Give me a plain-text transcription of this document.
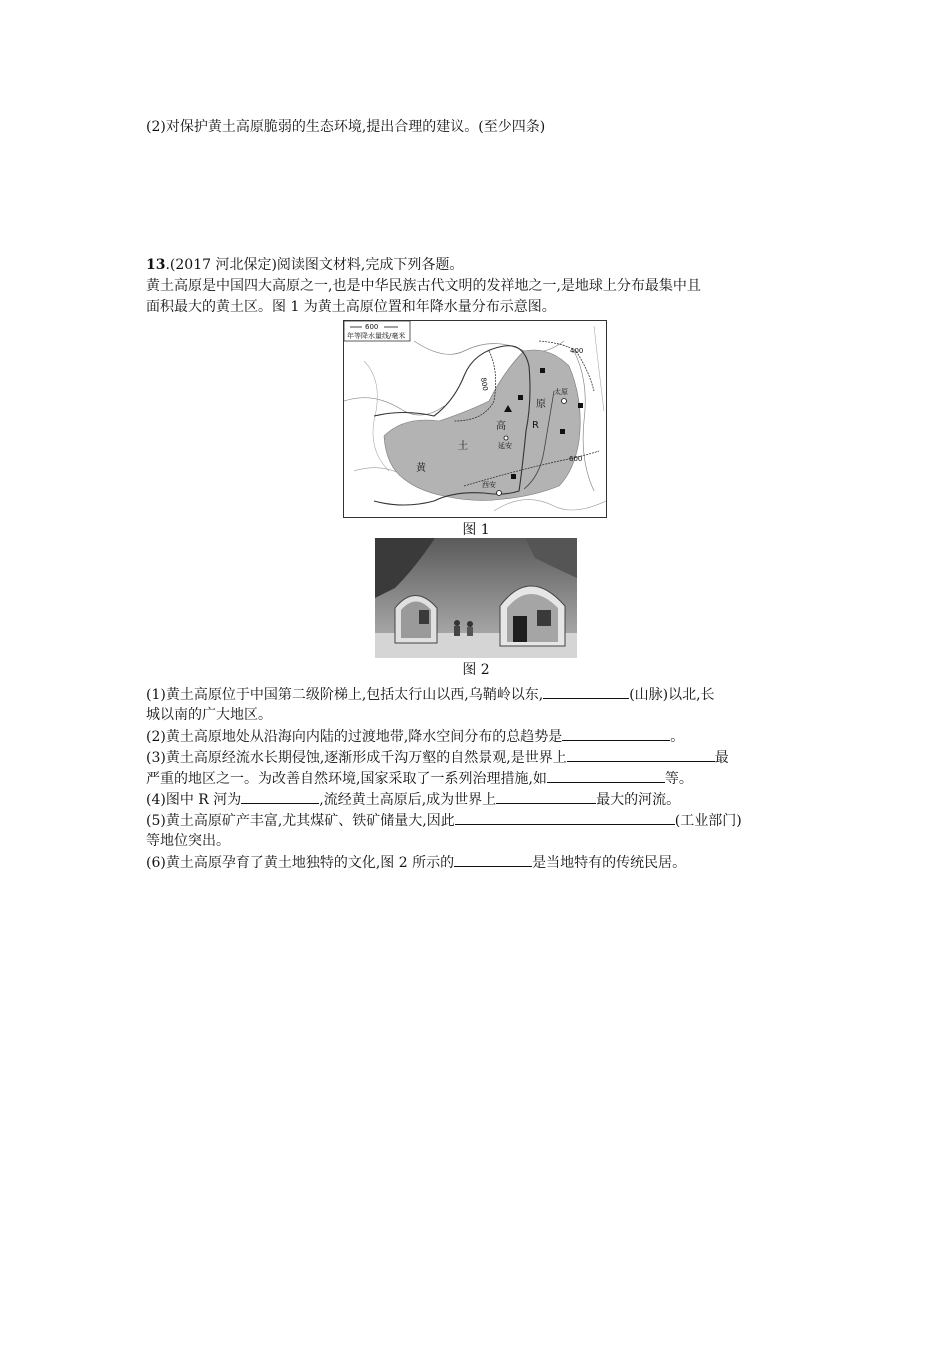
(2)对保护黄土高原脆弱的生态环境,提出合理的建议。(至少四条)
13.(2017 河北保定)阅读图文材料,完成下列各题。
黄土高原是中国四大高原之一,也是中华民族古代文明的发祥地之一,是地球上分布最集中且
面积最大的黄土区。图 1 为黄土高原位置和年降水量分布示意图。
600
年等降水量线/毫米
400
600
800
黄
土
高
原
R
太原
延安
西安
图 1
图 2
(1)黄土高原位于中国第二级阶梯上,包括太行山以西,乌鞘岭以东,	(山脉)以北,长
城以南的广大地区。
(2)黄土高原地处从沿海向内陆的过渡地带,降水空间分布的总趋势是	。
(3)黄土高原经流水长期侵蚀,逐渐形成千沟万壑的自然景观,是世界上	最
严重的地区之一。为改善自然环境,国家采取了一系列治理措施,如	等。
(4)图中 R 河为	,流经黄土高原后,成为世界上	最大的河流。
(5)黄土高原矿产丰富,尤其煤矿、铁矿储量大,因此	(工业部门)
等地位突出。
(6)黄土高原孕育了黄土地独特的文化,图 2 所示的	是当地特有的传统民居。
